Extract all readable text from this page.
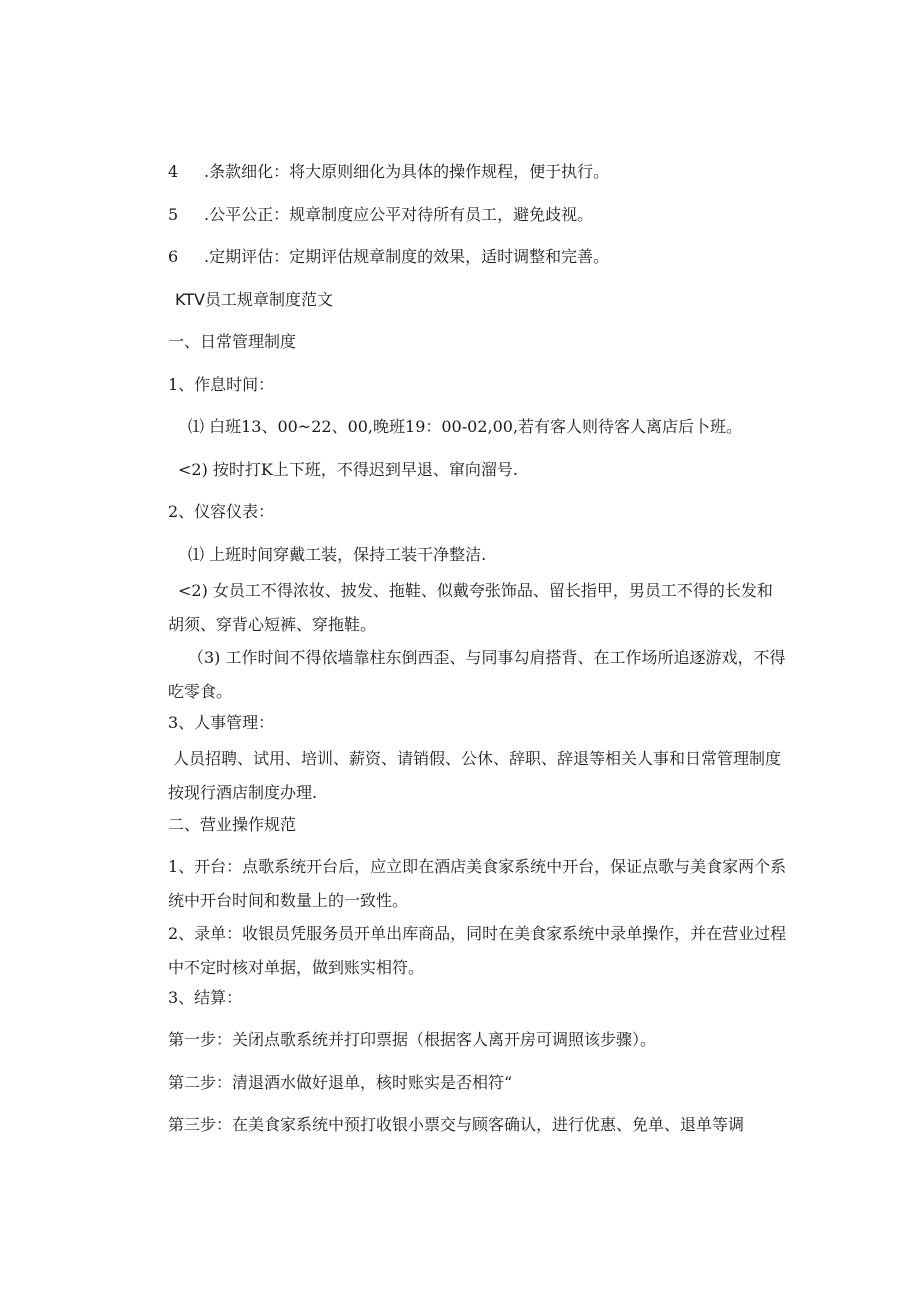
4 .条款细化：将大原则细化为具体的操作规程，便于执行。
5 .公平公正：规章制度应公平对待所有员工，避免歧视。
6 .定期评估：定期评估规章制度的效果，适时调整和完善。
KTV员工规章制度范文
一、日常管理制度
1、作息时间：
⑴ 白班13、00~22、00,晚班19：00-02,00,若有客人则待客人离店后卜班。
<2) 按时打K上下班，不得迟到早退、窜向溜号.
2、仪容仪表：
⑴ 上班时间穿戴工装，保持工装干净整洁.
<2) 女员工不得浓妆、披发、拖鞋、似戴夸张饰品、留长指甲，男员工不得的长发和胡须、穿背心短裤、穿拖鞋。
（3) 工作时间不得依墙靠柱东倒西歪、与同事勾肩搭背、在工作场所追逐游戏，不得吃零食。
3、人事管理：
人员招聘、试用、培训、薪资、请销假、公休、辞职、辞退等相关人事和日常管理制度按现行酒店制度办理.
二、营业操作规范
1、开台：点歌系统开台后，应立即在酒店美食家系统中开台，保证点歌与美食家两个系统中开台时间和数量上的一致性。
2、录单：收银员凭服务员开单出库商品，同时在美食家系统中录单操作，并在营业过程中不定时核对单据，做到账实相符。
3、结算：
第一步：关闭点歌系统并打印票据（根据客人离开房可调照该步骤）。
第二步：清退酒水做好退单，核时账实是否相符“
第三步：在美食家系统中预打收银小票交与顾客确认，进行优惠、免单、退单等调
